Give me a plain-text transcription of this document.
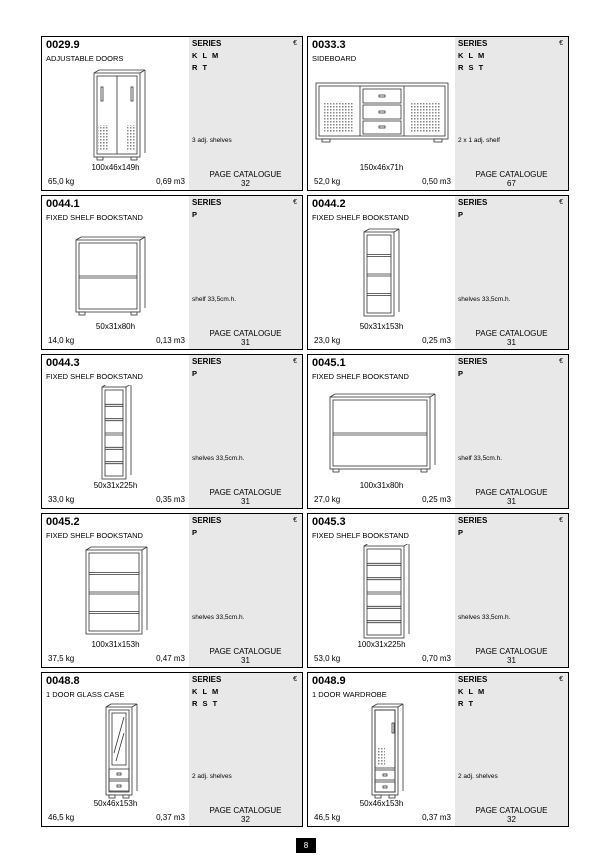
0029.9
ADJUSTABLE DOORS
100x46x149h
65,0 kg	0,69 m3
SERIES	€
K L M
R T
3 adj. shelves
PAGE CATALOGUE
32
0033.3
SIDEBOARD
150x46x71h
52,0 kg	0,50 m3
SERIES	€
K L M
R S T
2 x 1 adj. shelf
PAGE CATALOGUE
67
0044.1
FIXED SHELF BOOKSTAND
50x31x80h
14,0 kg	0,13 m3
SERIES	€
P
shelf 33,5cm.h.
PAGE CATALOGUE
31
0044.2
FIXED SHELF BOOKSTAND
50x31x153h
23,0 kg	0,25 m3
SERIES	€
P
shelves 33,5cm.h.
PAGE CATALOGUE
31
0044.3
FIXED SHELF BOOKSTAND
50x31x225h
33,0 kg	0,35 m3
SERIES	€
P
shelves 33,5cm.h.
PAGE CATALOGUE
31
0045.1
FIXED SHELF BOOKSTAND
100x31x80h
27,0 kg	0,25 m3
SERIES	€
P
shelf 33,5cm.h.
PAGE CATALOGUE
31
0045.2
FIXED SHELF BOOKSTAND
100x31x153h
37,5 kg	0,47 m3
SERIES	€
P
shelves 33,5cm.h.
PAGE CATALOGUE
31
0045.3
FIXED SHELF BOOKSTAND
100x31x225h
53,0 kg	0,70 m3
SERIES	€
P
shelves 33,5cm.h.
PAGE CATALOGUE
31
0048.8
1 DOOR GLASS CASE
50x46x153h
46,5 kg	0,37 m3
SERIES	€
K L M
R S T
2 adj. shelves
PAGE CATALOGUE
32
0048.9
1 DOOR WARDROBE
50x46x153h
46,5 kg	0,37 m3
SERIES	€
K L M
R T
2 adj. shelves
PAGE CATALOGUE
32
8
